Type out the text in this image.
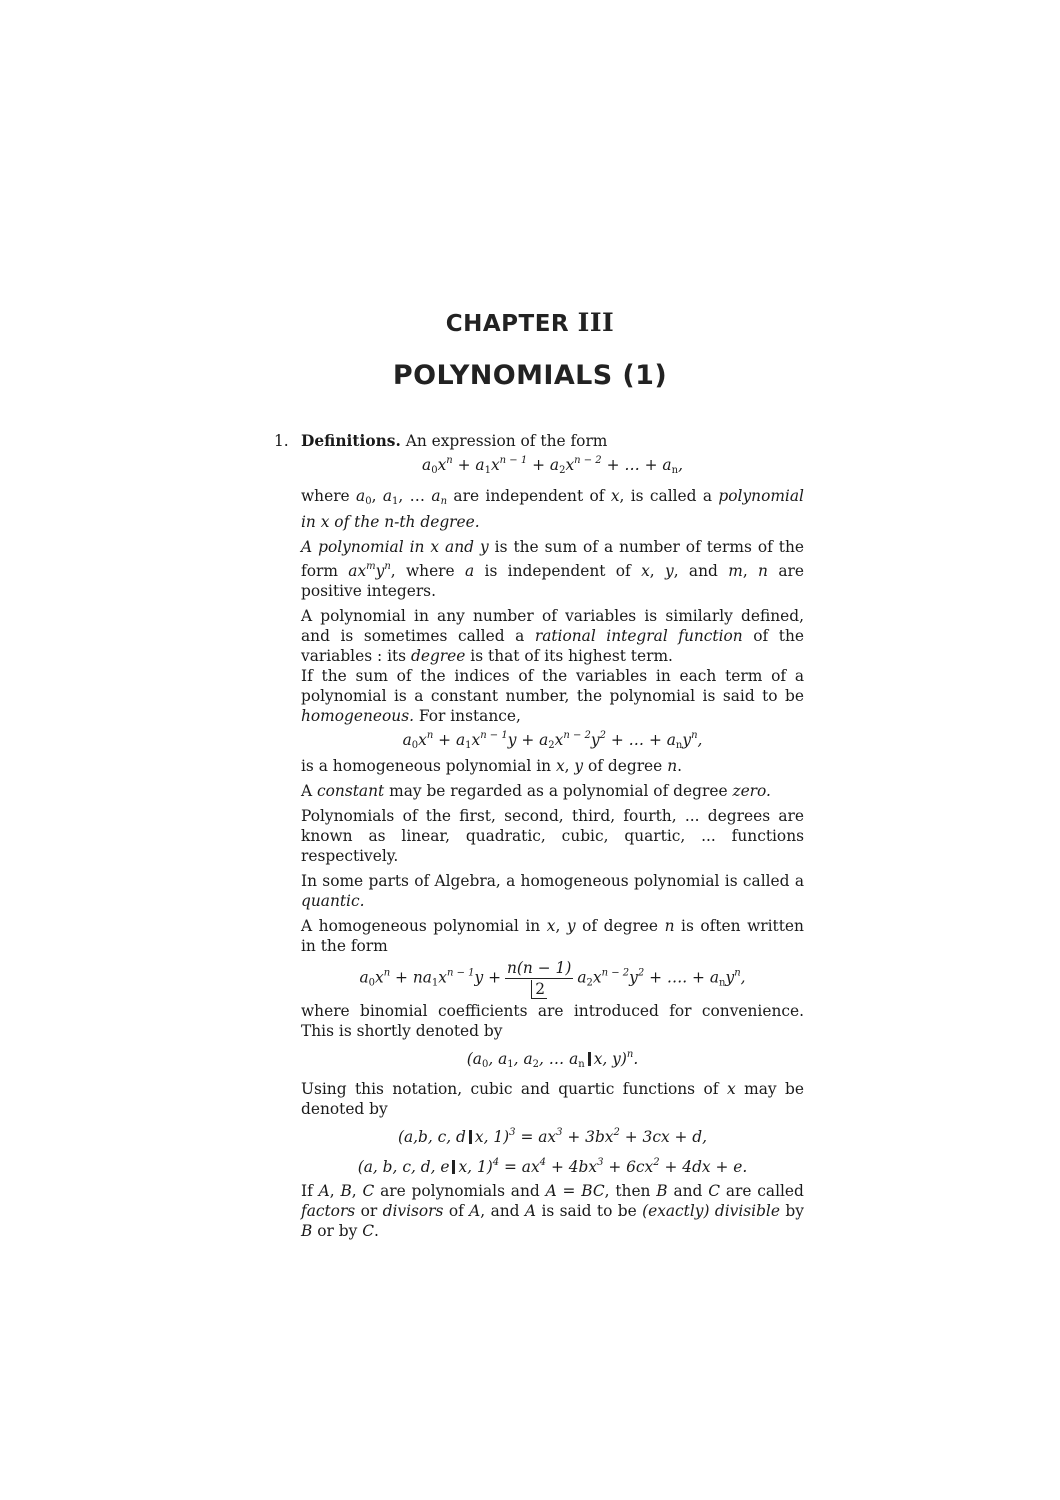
CHAPTER III
POLYNOMIALS (1)
1. Definitions. An expression of the form

$a_0x^n + a_1x^{n - 1} + a_2x^{n - 2}$ + … + $a_n$,

where $a_0$, $a_1$, … $a_n$ are independent of x, is called a polynomial in x of the n-th degree.

A polynomial in x and y is the sum of a number of terms of the form $ax^my^n$, where a is independent of x, y, and m, n are positive integers.

A polynomial in any number of variables is similarly defined, and is sometimes called a rational integral function of the variables : its degree is that of its highest term.

If the sum of the indices of the variables in each term of a polynomial is a constant number, the polynomial is said to be homogeneous. For instance,

$a_0x^n + a_1x^{n - 1}y + a_2x^{n - 2}y^2$ + … + $a_ny^n$,

is a homogeneous polynomial in x, y of degree n.

A constant may be regarded as a polynomial of degree zero.

Polynomials of the first, second, third, fourth, ... degrees are known as linear, quadratic, cubic, quartic, ... functions respectively.

In some parts of Algebra, a homogeneous polynomial is called a quantic.

A homogeneous polynomial in x, y of degree n is often written in the form

$a_0x^n + na_1x^{n - 1}y + \frac{n(n - 1)}{2} a_2x^{n - 2}y^2$ + …. + $a_ny^n$,

where binomial coefficients are introduced for convenience. This is shortly denoted by

($a_0$, $a_1$, $a_2$, … $a_n$ x, y)$^n$.

Using this notation, cubic and quartic functions of x may be denoted by

(a,b, c, d x, $1)^3 = ax^3 + 3bx^2 + 3cx + d$,
(a, b, c, d, e x, $1)^4 = ax^4 + 4bx^3 + 6cx^2 + 4dx + e$.

If A, B, C are polynomials and A = BC, then B and C are called factors or divisors of A, and A is said to be (exactly) divisible by B or by C.
